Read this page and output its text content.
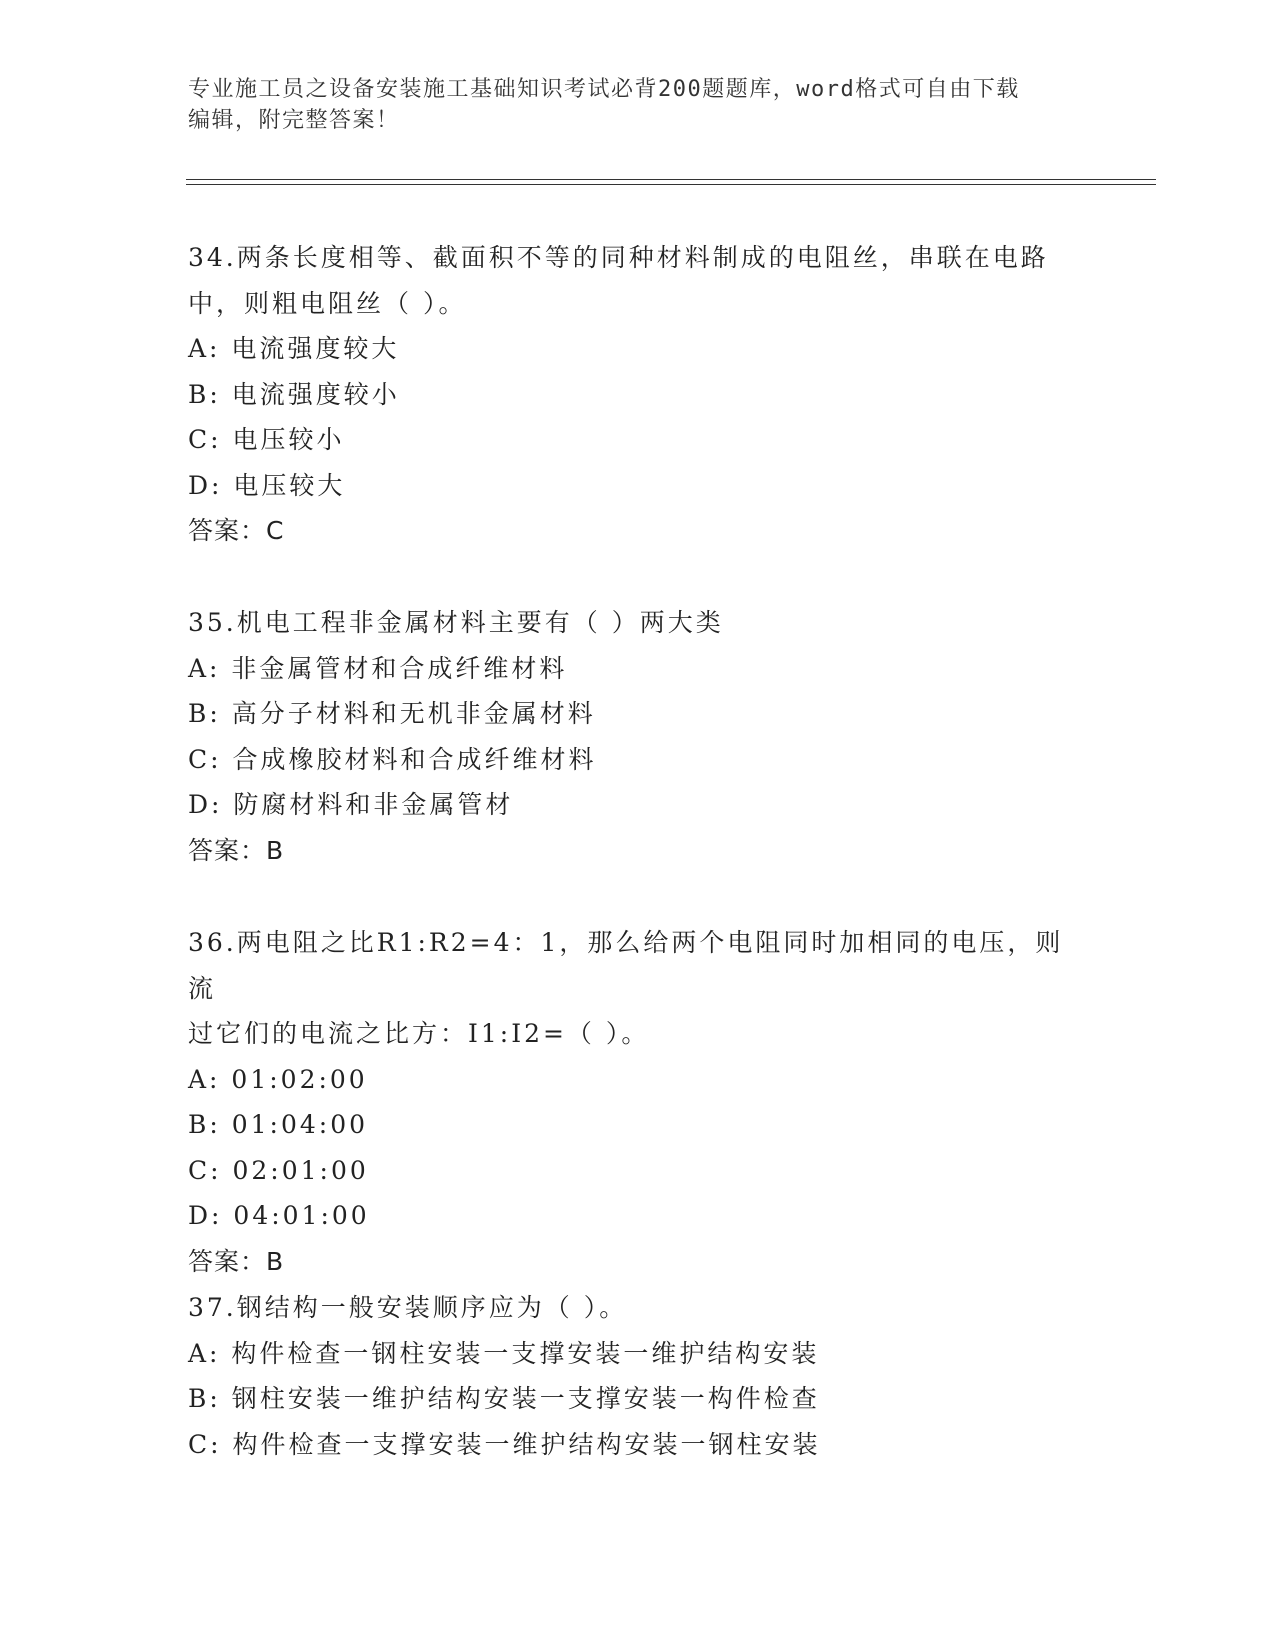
专业施工员之设备安装施工基础知识考试必背200题题库，word格式可自由下载
编辑，附完整答案！

34.两条长度相等、截面积不等的同种材料制成的电阻丝，串联在电路

中，则粗电阻丝（ ）。

A: 电流强度较大

B: 电流强度较小

C: 电压较小

D: 电压较大

答案：C

35.机电工程非金属材料主要有（ ）两大类

A: 非金属管材和合成纤维材料

B: 高分子材料和无机非金属材料

C: 合成橡胶材料和合成纤维材料

D: 防腐材料和非金属管材

答案：B

36.两电阻之比R1:R2=4：1，那么给两个电阻同时加相同的电压，则流

过它们的电流之比方：I1:I2=（ ）。

A: 01:02:00

B: 01:04:00

C: 02:01:00

D: 04:01:00

答案：B

37.钢结构一般安装顺序应为（ ）。

A: 构件检查一钢柱安装一支撑安装一维护结构安装

B: 钢柱安装一维护结构安装一支撑安装一构件检查

C: 构件检查一支撑安装一维护结构安装一钢柱安装
